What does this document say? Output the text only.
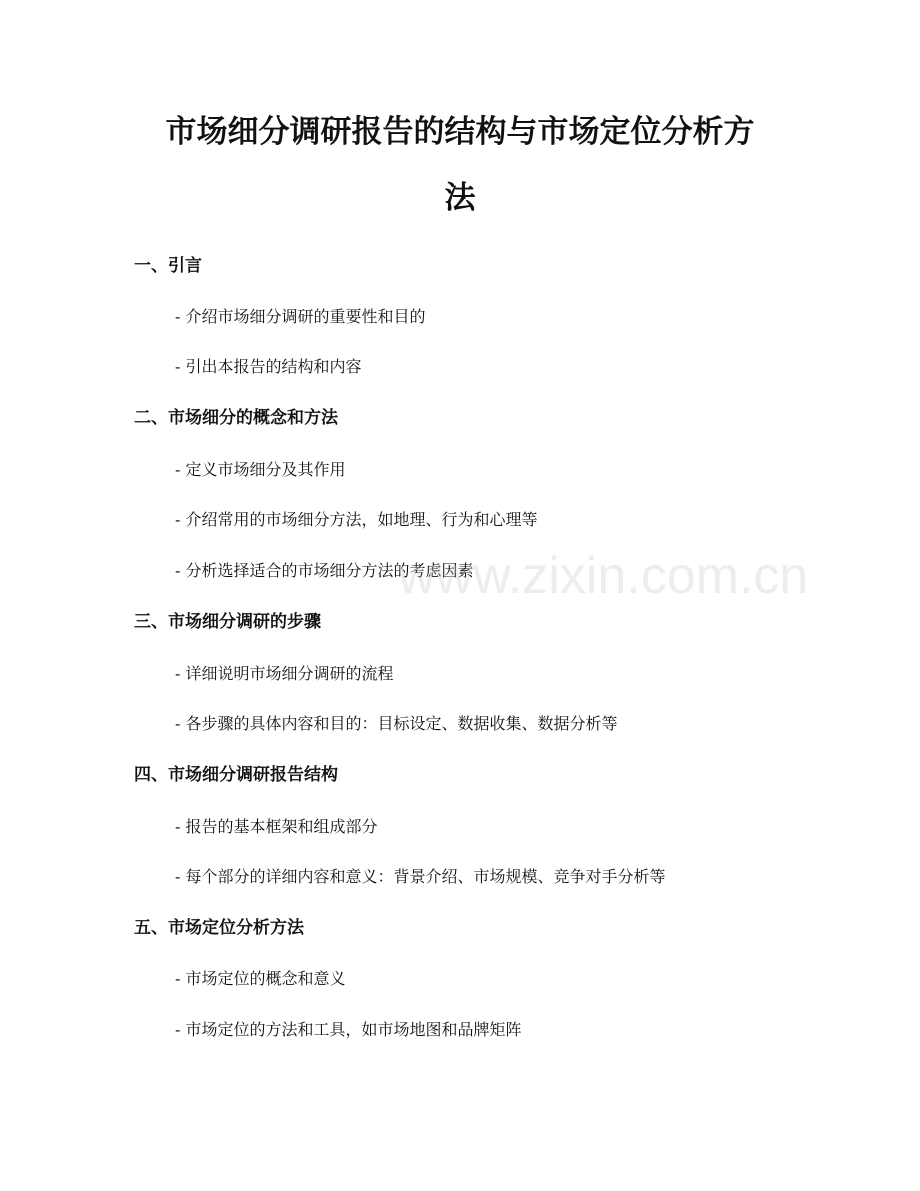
市场细分调研报告的结构与市场定位分析方
法
一、引言
- 介绍市场细分调研的重要性和目的
- 引出本报告的结构和内容
二、市场细分的概念和方法
- 定义市场细分及其作用
- 介绍常用的市场细分方法，如地理、行为和心理等
- 分析选择适合的市场细分方法的考虑因素
三、市场细分调研的步骤
- 详细说明市场细分调研的流程
- 各步骤的具体内容和目的：目标设定、数据收集、数据分析等
四、市场细分调研报告结构
- 报告的基本框架和组成部分
- 每个部分的详细内容和意义：背景介绍、市场规模、竞争对手分析等
五、市场定位分析方法
- 市场定位的概念和意义
- 市场定位的方法和工具，如市场地图和品牌矩阵
www.zixin.com.cn
